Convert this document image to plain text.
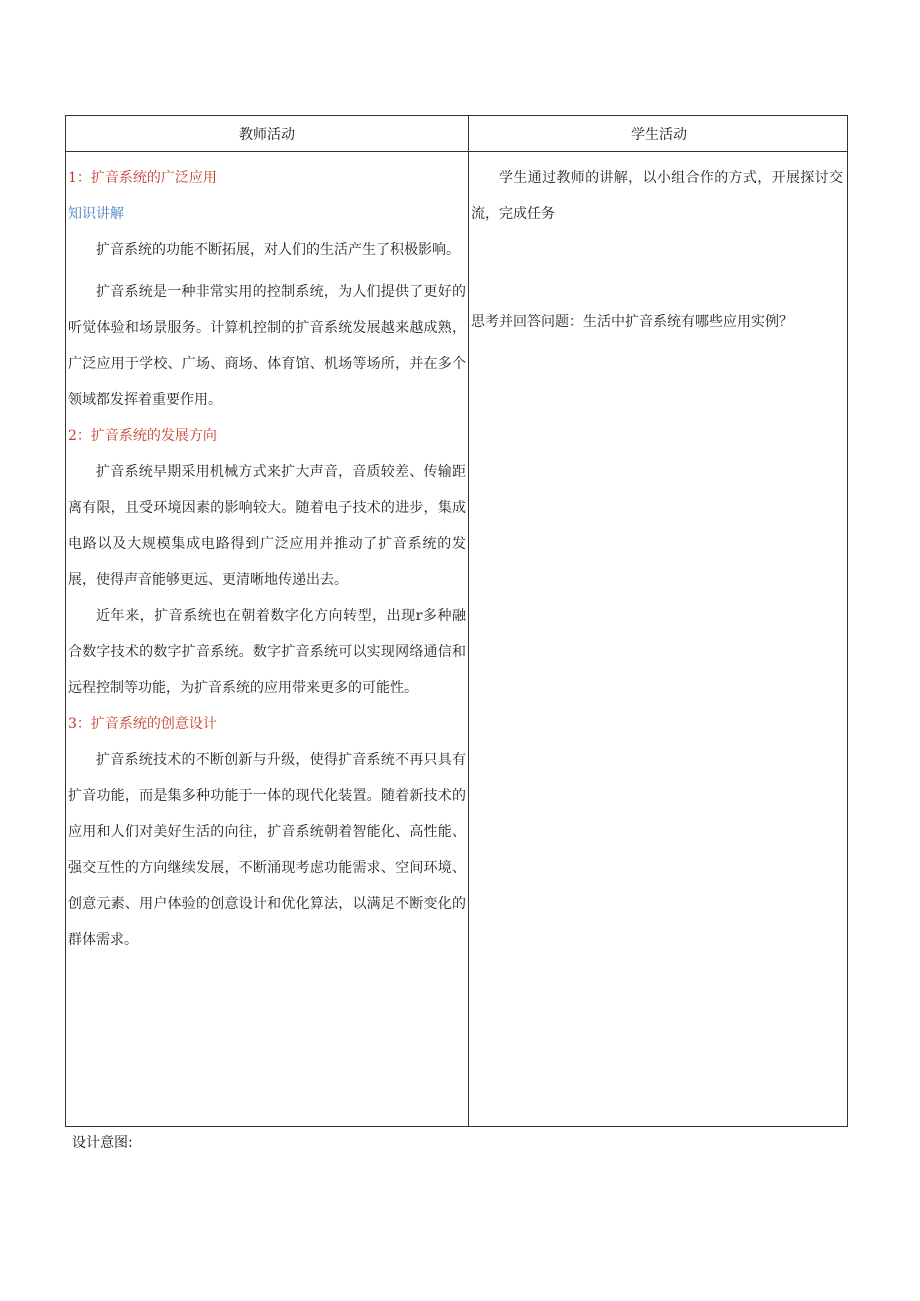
教师活动	学生活动

1：扩音系统的广泛应用

知识讲解

扩音系统的功能不断拓展，对人们的生活产生了积极影响。

扩音系统是一种非常实用的控制系统，为人们提供了更好的听觉体验和场景服务。计算机控制的扩音系统发展越来越成熟，广泛应用于学校、广场、商场、体育馆、机场等场所，并在多个领域都发挥着重要作用。

2：扩音系统的发展方向

扩音系统早期采用机械方式来扩大声音，音质较差、传输距离有限，且受环境因素的影响较大。随着电子技术的进步，集成电路以及大规模集成电路得到广泛应用并推动了扩音系统的发展，使得声音能够更远、更清晰地传递出去。

近年来，扩音系统也在朝着数字化方向转型，出现r多种融合数字技术的数字扩音系统。数字扩音系统可以实现网络通信和远程控制等功能，为扩音系统的应用带来更多的可能性。

3：扩音系统的创意设计

扩音系统技术的不断创新与升级，使得扩音系统不再只具有扩音功能，而是集多种功能于一体的现代化装置。随着新技术的应用和人们对美好生活的向往，扩音系统朝着智能化、高性能、强交互性的方向继续发展，不断涌现考虑功能需求、空间环境、创意元素、用户体验的创意设计和优化算法，以满足不断变化的群体需求。

学生通过教师的讲解，以小组合作的方式，开展探讨交流，完成任务

思考并回答问题：生活中扩音系统有哪些应用实例？

设计意图:
